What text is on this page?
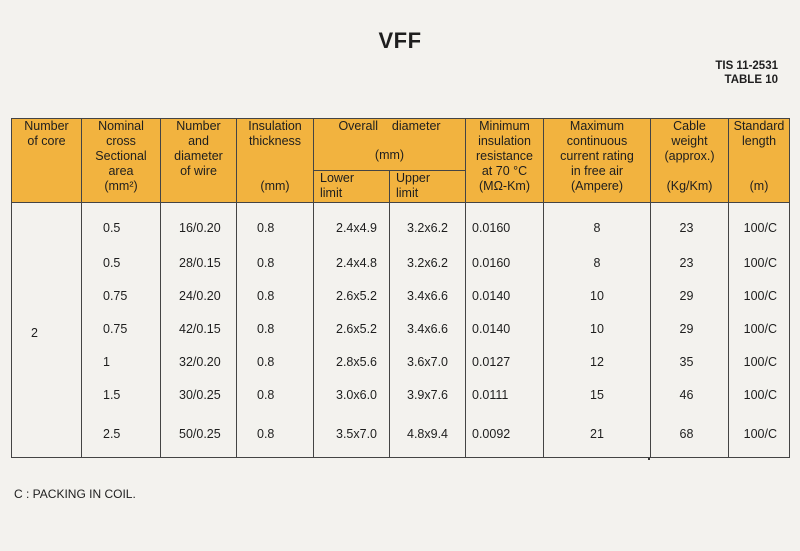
VFF
TIS 11-2531
TABLE 10
Number
of core	Nominal
cross
Sectional
area
(mm²)	Number
and
diameter
of wire	Insulation
thickness
(mm)	Overall    diameter
(mm)		Minimum
insulation
resistance
at 70 °C
(MΩ-Km)	Maximum
continuous
current rating
in free air
(Ampere)	Cable
weight
(approx.)
(Kg/Km)	Standard
length
(m)

				Lower
limit	Upper
limit				

2	0.5	16/0.20	0.8	2.4x4.9	3.2x6.2	0.0160	8	23	100/C
	0.5	28/0.15	0.8	2.4x4.8	3.2x6.2	0.0160	8	23	100/C
	0.75	24/0.20	0.8	2.6x5.2	3.4x6.6	0.0140	10	29	100/C
	0.75	42/0.15	0.8	2.6x5.2	3.4x6.6	0.0140	10	29	100/C
	1	32/0.20	0.8	2.8x5.6	3.6x7.0	0.0127	12	35	100/C
	1.5	30/0.25	0.8	3.0x6.0	3.9x7.6	0.0111	15	46	100/C
	2.5	50/0.25	0.8	3.5x7.0	4.8x9.4	0.0092	21	68	100/C
C : PACKING IN COIL.
